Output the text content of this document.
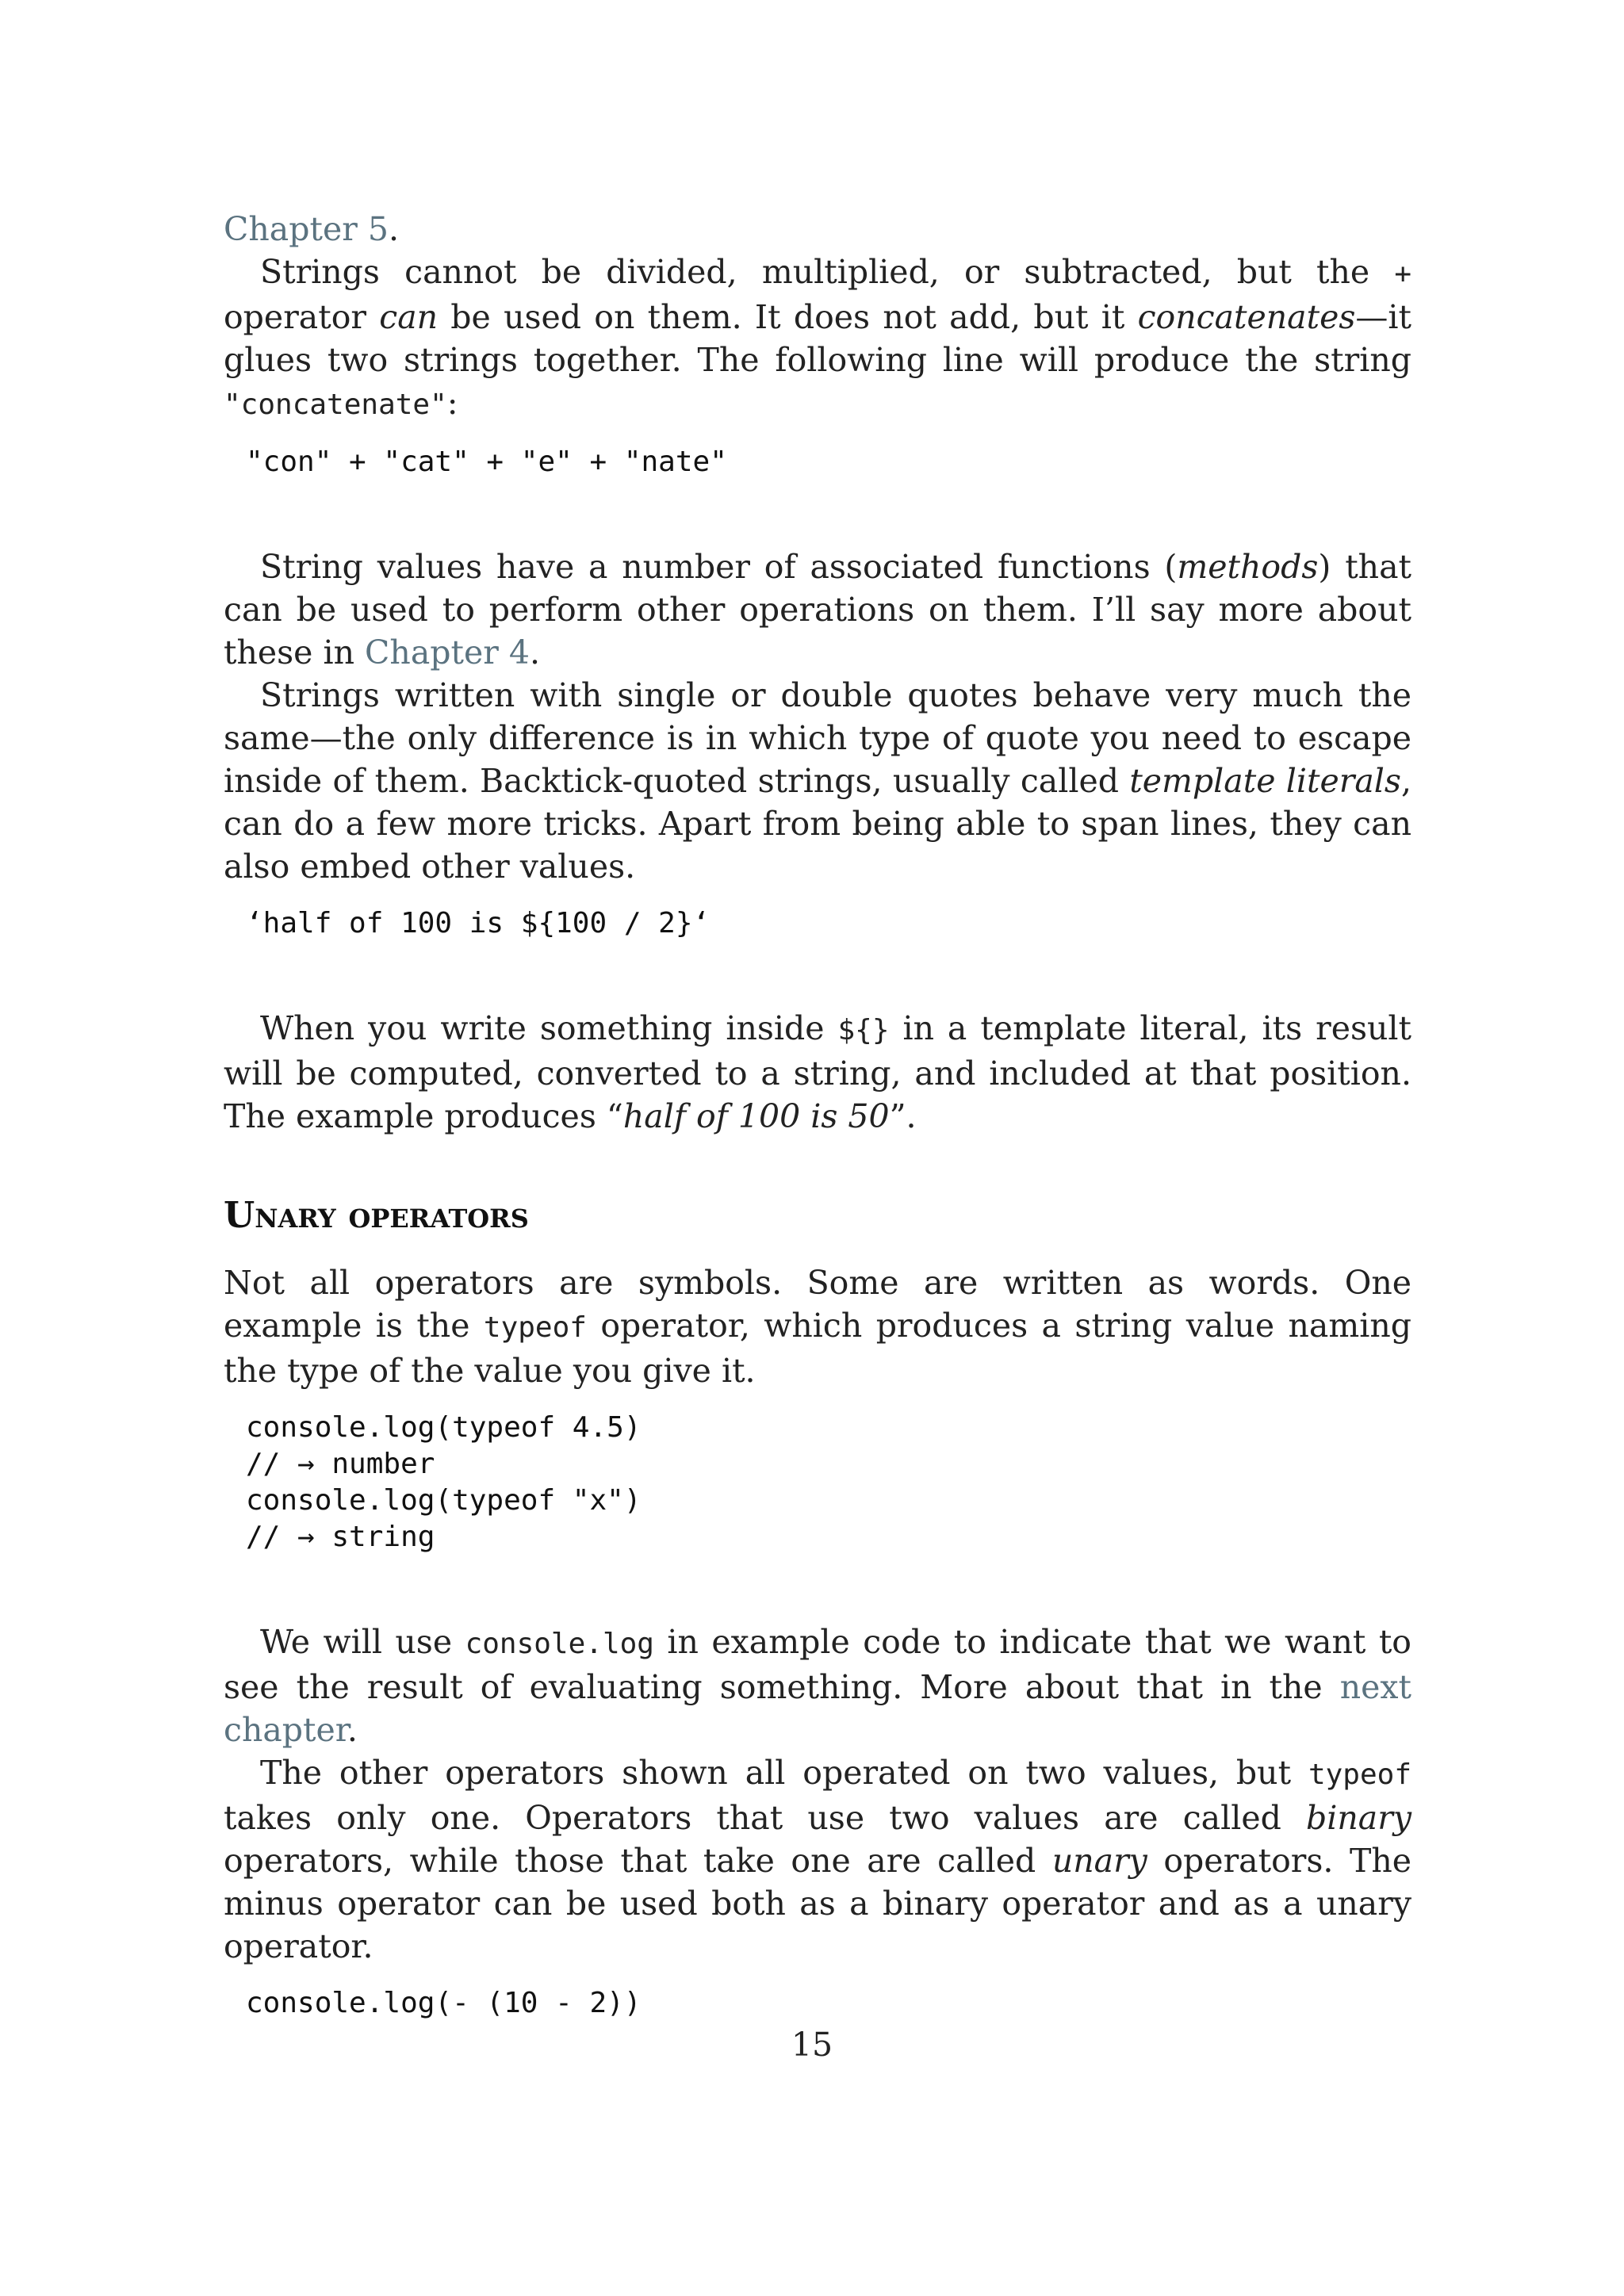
Chapter 5.

Strings cannot be divided, multiplied, or subtracted, but the + operator can be used on them. It does not add, but it concatenates—it glues two strings together. The following line will produce the string "concatenate":

"con" + "cat" + "e" + "nate"

String values have a number of associated functions (methods) that can be used to perform other operations on them. I’ll say more about these in Chapter 4.

Strings written with single or double quotes behave very much the same—the only difference is in which type of quote you need to escape inside of them. Backtick-quoted strings, usually called template literals, can do a few more tricks. Apart from being able to span lines, they can also embed other values.

‘half of 100 is ${100 / 2}‘

When you write something inside ${} in a template literal, its result will be computed, converted to a string, and included at that position. The example produces “half of 100 is 50”.

Unary operators

Not all operators are symbols. Some are written as words. One example is the typeof operator, which produces a string value naming the type of the value you give it.

console.log(typeof 4.5)
// → number
console.log(typeof "x")
// → string

We will use console.log in example code to indicate that we want to see the result of evaluating something. More about that in the next chapter.

The other operators shown all operated on two values, but typeof takes only one. Operators that use two values are called binary operators, while those that take one are called unary operators. The minus operator can be used both as a binary operator and as a unary operator.

console.log(- (10 - 2))
15
